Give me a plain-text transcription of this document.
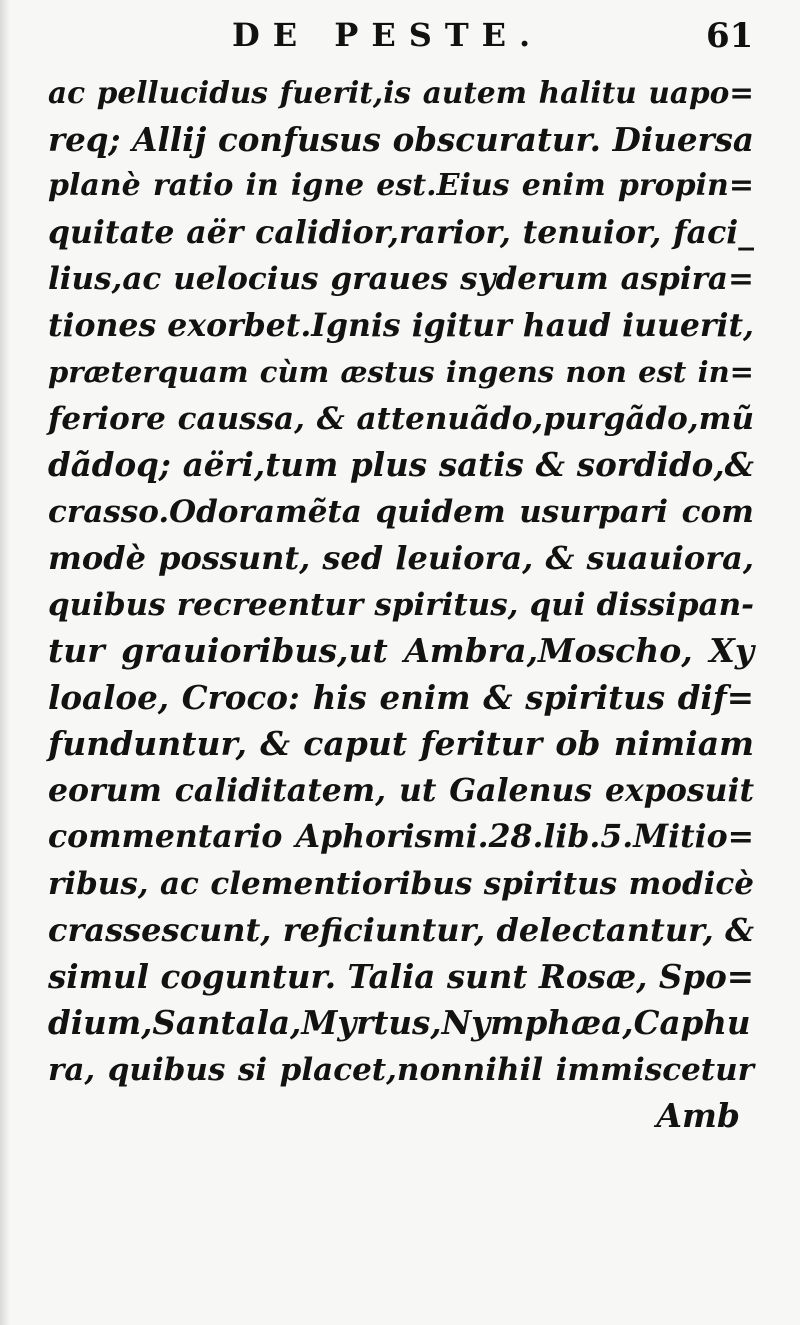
DE PESTE.	61
ac pellucidus fuerit,is autem halitu uapo=
req; Allij confusus obscuratur. Diuersa
planè ratio in igne est.Eius enim propin=
quitate aër calidior,rarior, tenuior, faci_
lius,ac uelocius graues syderum aspira=
tiones exorbet.Ignis igitur haud iuuerit,
præterquam cùm æstus ingens non est in=
feriore caussa, & attenuãdo,purgãdo,mũ
dãdoq; aëri,tum plus satis & sordido,&
crasso.Odoramẽta quidem usurpari com
modè possunt, sed leuiora, & suauiora,
quibus recreentur spiritus, qui dissipan-
tur grauioribus,ut Ambra,Moscho, Xy
loaloe, Croco: his enim & spiritus dif=
funduntur, & caput feritur ob nimiam
eorum caliditatem, ut Galenus exposuit
commentario Aphorismi.28.lib.5.Mitio=
ribus, ac clementioribus spiritus modicè
crassescunt, reficiuntur, delectantur, &
simul coguntur. Talia sunt Rosæ, Spo=
dium,Santala,Myrtus,Nymphæa,Caphu
ra, quibus si placet,nonnihil immiscetur
Amb
